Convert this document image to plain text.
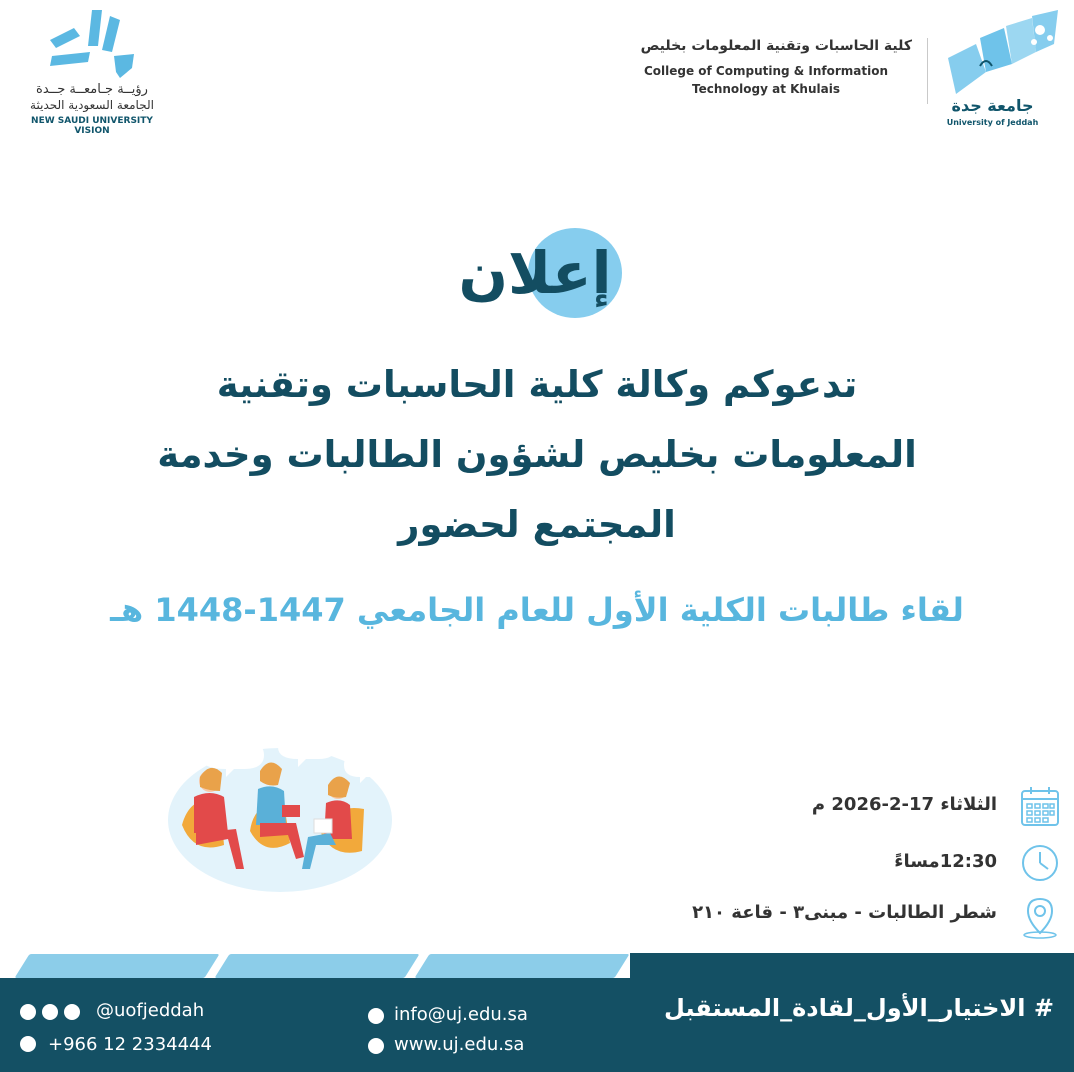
جامعة جدة
University of Jeddah
كلية الحاسبات وتقنية المعلومات بخليص
College of Computing & Information
Technology at Khulais
رؤيــة جـامعــة جــدة
الجامعة السعودية الحديثة
NEW SAUDI UNIVERSITY VISION
إعلان
تدعوكم وكالة كلية الحاسبات وتقنية
المعلومات بخليص لشؤون الطالبات وخدمة
المجتمع لحضور
لقاء طالبات الكلية الأول للعام الجامعي 1447-1448 هـ
الثلاثاء 17-2-2026 م
12:30مساءً
شطر الطالبات - مبنى٣ - قاعة ٢١٠
# الاختيار_الأول_لقادة_المستقبل
info@uj.edu.sa
www.uj.edu.sa
@uofjeddah
+966 12 2334444
